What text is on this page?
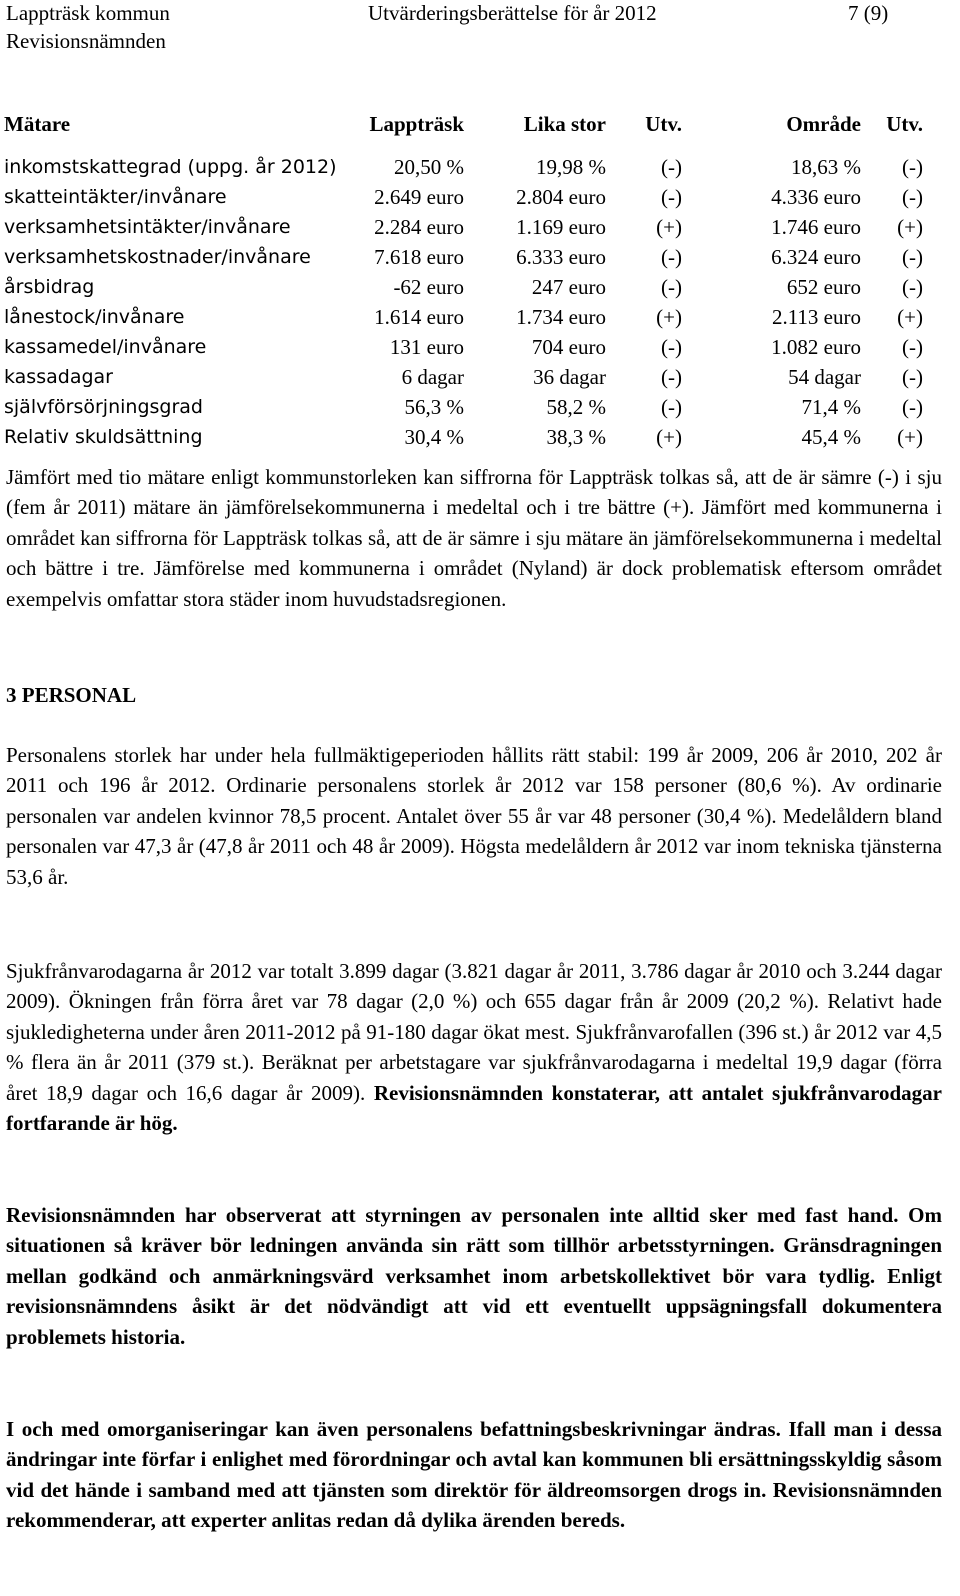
Lappträsk kommun	Utvärderingsberättelse för år 2012	7 (9)
Revisionsnämnden
Mätare	Lappträsk	Lika stor	Utv.	Område	Utv.

inkomstskattegrad (uppg. år 2012)	20,50 %	19,98 %	(-)	18,63 %	(-)
skatteintäkter/invånare	2.649 euro	2.804 euro	(-)	4.336 euro	(-)
verksamhetsintäkter/invånare	2.284 euro	1.169 euro	(+)	1.746 euro	(+)
verksamhetskostnader/invånare	7.618 euro	6.333 euro	(-)	6.324 euro	(-)
årsbidrag	-62 euro	247 euro	(-)	652 euro	(-)
lånestock/invånare	1.614 euro	1.734 euro	(+)	2.113 euro	(+)
kassamedel/invånare	131 euro	704 euro	(-)	1.082 euro	(-)
kassadagar	6 dagar	36 dagar	(-)	54 dagar	(-)
självförsörjningsgrad	56,3 %	58,2 %	(-)	71,4 %	(-)
Relativ skuldsättning	30,4 %	38,3 %	(+)	45,4 %	(+)

Jämfört med tio mätare enligt kommunstorleken kan siffrorna för Lappträsk tolkas så, att de är sämre (-) i sju (fem år 2011) mätare än jämförelsekommunerna i medeltal och i tre bättre (+). Jämfört med kommunerna i området kan siffrorna för Lappträsk tolkas så, att de är sämre i sju mätare än jämförelsekommunerna i medeltal och bättre i tre. Jämförelse med kommunerna i området (Nyland) är dock problematisk eftersom området exempelvis omfattar stora städer inom huvudstadsregionen.

3 PERSONAL

Personalens storlek har under hela fullmäktigeperioden hållits rätt stabil: 199 år 2009, 206 år 2010, 202 år 2011 och 196 år 2012. Ordinarie personalens storlek år 2012 var 158 personer (80,6 %). Av ordinarie personalen var andelen kvinnor 78,5 procent. Antalet över 55 år var 48 personer (30,4 %). Medelåldern bland personalen var 47,3 år (47,8 år 2011 och 48 år 2009). Högsta medelåldern år 2012 var inom tekniska tjänsterna 53,6 år.

Sjukfrånvarodagarna år 2012 var totalt 3.899 dagar (3.821 dagar år 2011, 3.786 dagar år 2010 och 3.244 dagar 2009). Ökningen från förra året var 78 dagar (2,0 %) och 655 dagar från år 2009 (20,2 %). Relativt hade sjukledigheterna under åren 2011-2012 på 91-180 dagar ökat mest. Sjukfrånvarofallen (396 st.) år 2012 var 4,5 % flera än år 2011 (379 st.). Beräknat per arbetstagare var sjukfrånvarodagarna i medeltal 19,9 dagar (förra året 18,9 dagar och 16,6 dagar år 2009). Revisionsnämnden konstaterar, att antalet sjukfrånvarodagar fortfarande är hög.

Revisionsnämnden har observerat att styrningen av personalen inte alltid sker med fast hand. Om situationen så kräver bör ledningen använda sin rätt som tillhör arbetsstyrningen. Gränsdragningen mellan godkänd och anmärkningsvärd verksamhet inom arbetskollektivet bör vara tydlig. Enligt revisionsnämndens åsikt är det nödvändigt att vid ett eventuellt uppsägningsfall dokumentera problemets historia.

I och med omorganiseringar kan även personalens befattningsbeskrivningar ändras. Ifall man i dessa ändringar inte förfar i enlighet med förordningar och avtal kan kommunen bli ersättningsskyldig såsom vid det hände i samband med att tjänsten som direktör för äldreomsorgen drogs in. Revisionsnämnden rekommenderar, att experter anlitas redan då dylika ärenden bereds.
